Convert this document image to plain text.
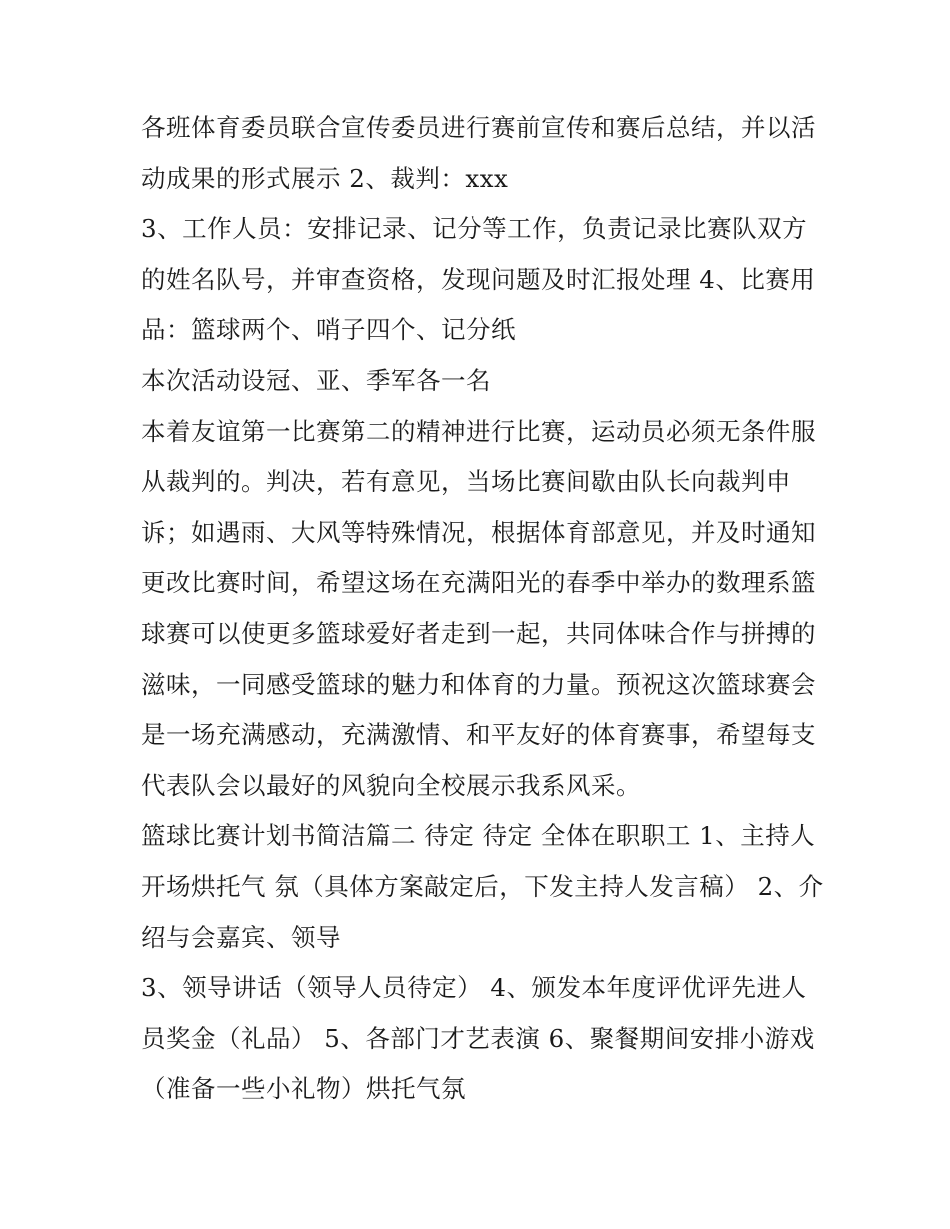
各班体育委员联合宣传委员进行赛前宣传和赛后总结，并以活
动成果的形式展示 2、裁判：xxx
3、工作人员：安排记录、记分等工作，负责记录比赛队双方
的姓名队号，并审查资格，发现问题及时汇报处理 4、比赛用
品：篮球两个、哨子四个、记分纸
本次活动设冠、亚、季军各一名
本着友谊第一比赛第二的精神进行比赛，运动员必须无条件服
从裁判的。判决，若有意见，当场比赛间歇由队长向裁判申
诉；如遇雨、大风等特殊情况，根据体育部意见，并及时通知
更改比赛时间，希望这场在充满阳光的春季中举办的数理系篮
球赛可以使更多篮球爱好者走到一起，共同体味合作与拼搏的
滋味，一同感受篮球的魅力和体育的力量。预祝这次篮球赛会
是一场充满感动，充满激情、和平友好的体育赛事，希望每支
代表队会以最好的风貌向全校展示我系风采。
篮球比赛计划书简洁篇二 待定 待定 全体在职职工 1、主持人
开场烘托气 氛（具体方案敲定后，下发主持人发言稿） 2、介
绍与会嘉宾、领导
3、领导讲话（领导人员待定） 4、颁发本年度评优评先进人
员奖金（礼品） 5、各部门才艺表演 6、聚餐期间安排小游戏
（准备一些小礼物）烘托气氛
